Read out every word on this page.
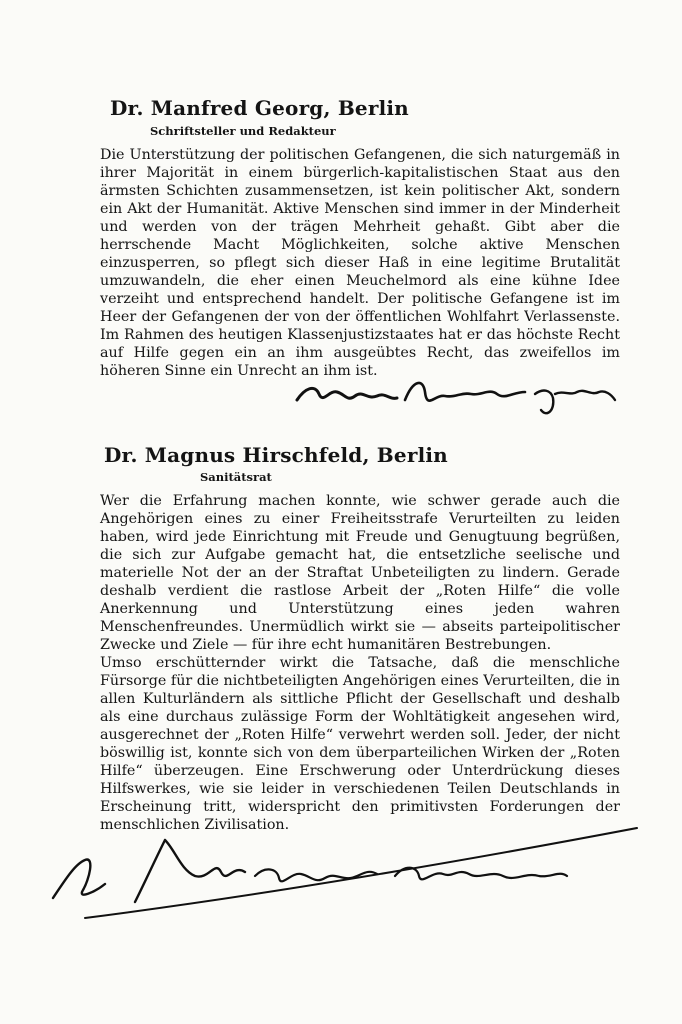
Dr. Manfred Georg, Berlin
Schriftsteller und Redakteur
Die Unterstützung der politischen Gefangenen, die sich naturgemäß in ihrer Majorität in einem bürgerlich-kapitalistischen Staat aus den ärmsten Schichten zusammensetzen, ist kein politischer Akt, sondern ein Akt der Humanität. Aktive Menschen sind immer in der Minderheit und werden von der trägen Mehrheit gehaßt. Gibt aber die herrschende Macht Möglichkeiten, solche aktive Menschen einzusperren, so pflegt sich dieser Haß in eine legitime Brutalität umzuwandeln, die eher einen Meuchelmord als eine kühne Idee verzeiht und entsprechend handelt. Der politische Gefangene ist im Heer der Gefangenen der von der öffentlichen Wohlfahrt Verlassenste. Im Rahmen des heutigen Klassenjustizstaates hat er das höchste Recht auf Hilfe gegen ein an ihm ausgeübtes Recht, das zweifellos im höheren Sinne ein Unrecht an ihm ist.
Dr. Magnus Hirschfeld, Berlin
Sanitätsrat
Wer die Erfahrung machen konnte, wie schwer gerade auch die Angehörigen eines zu einer Freiheitsstrafe Verurteilten zu leiden haben, wird jede Einrichtung mit Freude und Genugtuung begrüßen, die sich zur Aufgabe gemacht hat, die entsetzliche seelische und materielle Not der an der Straftat Unbeteiligten zu lindern. Gerade deshalb verdient die rastlose Arbeit der „Roten Hilfe“ die volle Anerkennung und Unterstützung eines jeden wahren Menschenfreundes. Unermüdlich wirkt sie — abseits parteipolitischer Zwecke und Ziele — für ihre echt humanitären Bestrebungen.
Umso erschütternder wirkt die Tatsache, daß die menschliche Fürsorge für die nichtbeteiligten Angehörigen eines Verurteilten, die in allen Kulturländern als sittliche Pflicht der Gesellschaft und deshalb als eine durchaus zulässige Form der Wohltätigkeit angesehen wird, ausgerechnet der „Roten Hilfe“ verwehrt werden soll. Jeder, der nicht böswillig ist, konnte sich von dem überparteilichen Wirken der „Roten Hilfe“ überzeugen. Eine Erschwerung oder Unterdrückung dieses Hilfswerkes, wie sie leider in verschiedenen Teilen Deutschlands in Erscheinung tritt, widerspricht den primitivsten Forderungen der menschlichen Zivilisation.
